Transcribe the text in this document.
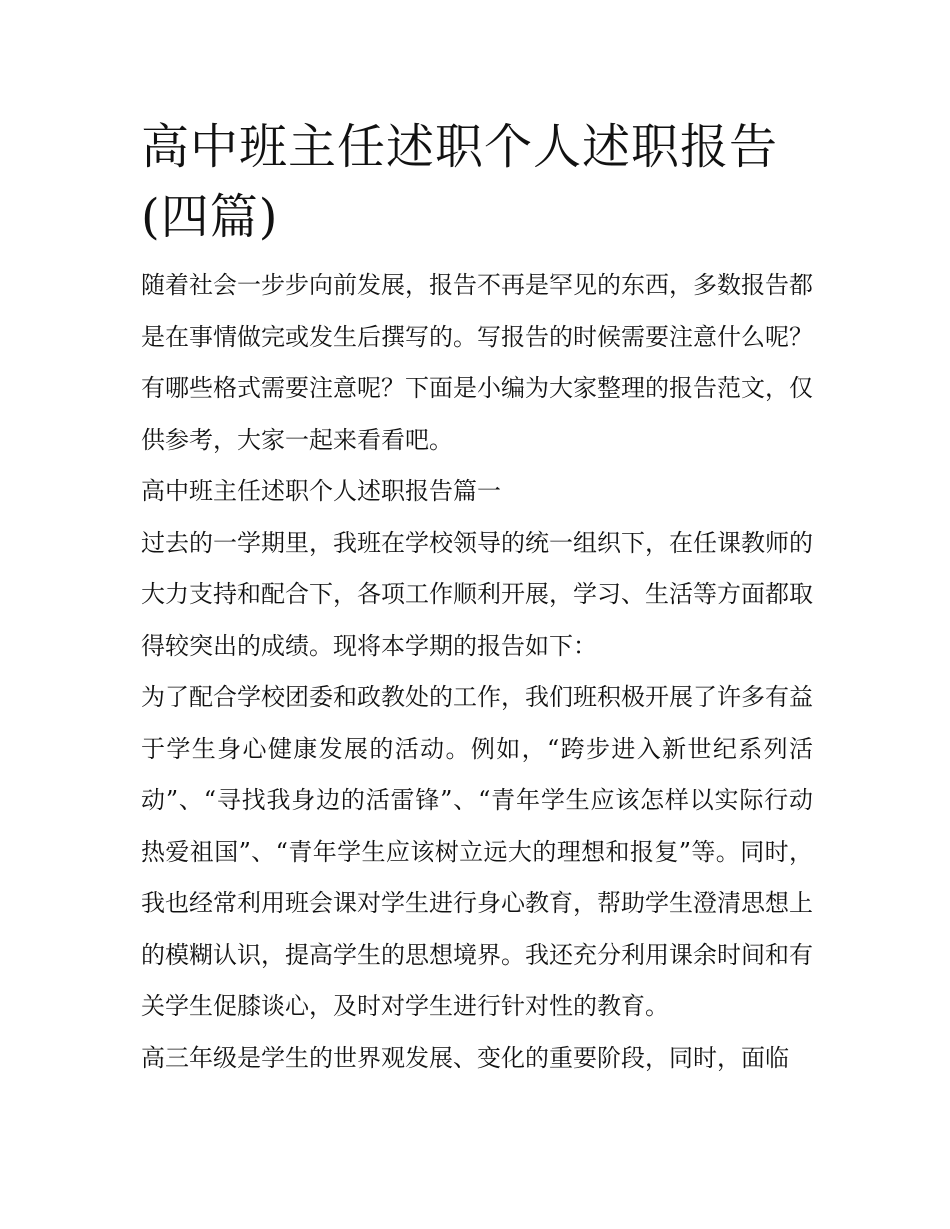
高中班主任述职个人述职报告
(四篇)

随着社会一步步向前发展，报告不再是罕见的东西，多数报告都是在事情做完或发生后撰写的。写报告的时候需要注意什么呢？有哪些格式需要注意呢？下面是小编为大家整理的报告范文，仅供参考，大家一起来看看吧。

高中班主任述职个人述职报告篇一

过去的一学期里，我班在学校领导的统一组织下，在任课教师的大力支持和配合下，各项工作顺利开展，学习、生活等方面都取得较突出的成绩。现将本学期的报告如下：

为了配合学校团委和政教处的工作，我们班积极开展了许多有益于学生身心健康发展的活动。例如，“跨步进入新世纪系列活动”、“寻找我身边的活雷锋”、“青年学生应该怎样以实际行动热爱祖国”、“青年学生应该树立远大的理想和报复”等。同时，我也经常利用班会课对学生进行身心教育，帮助学生澄清思想上的模糊认识，提高学生的思想境界。我还充分利用课余时间和有关学生促膝谈心，及时对学生进行针对性的教育。

高三年级是学生的世界观发展、变化的重要阶段，同时，面临
